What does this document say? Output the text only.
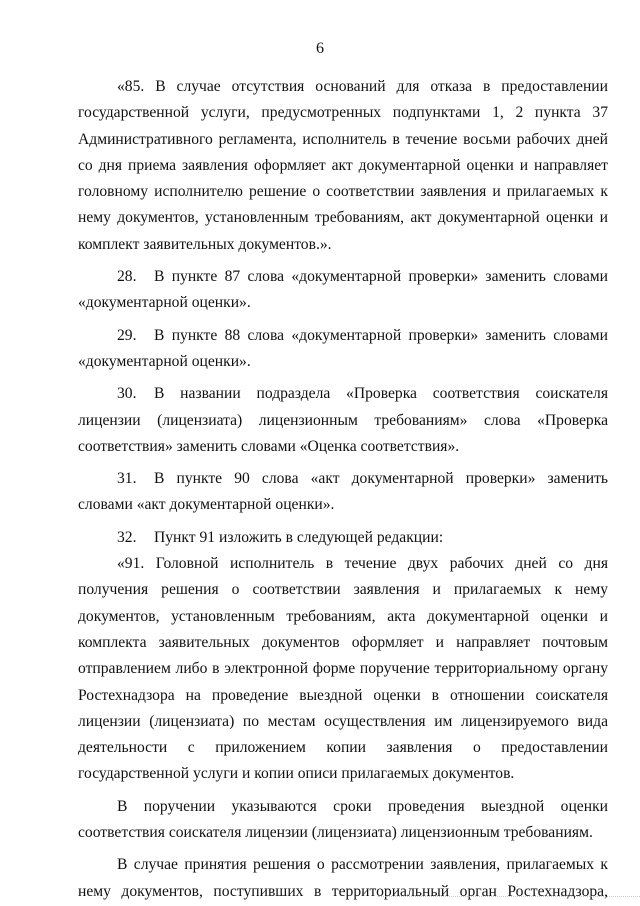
6

«85. В случае отсутствия оснований для отказа в предоставлении государственной услуги, предусмотренных подпунктами 1, 2 пункта 37 Административного регламента, исполнитель в течение восьми рабочих дней со дня приема заявления оформляет акт документарной оценки и направляет головному исполнителю решение о соответствии заявления и прилагаемых к нему документов, установленным требованиям, акт документарной оценки и комплект заявительных документов.».

28. В пункте 87 слова «документарной проверки» заменить словами «документарной оценки».

29. В пункте 88 слова «документарной проверки» заменить словами «документарной оценки».

30. В названии подраздела «Проверка соответствия соискателя лицензии (лицензиата) лицензионным требованиям» слова «Проверка соответствия» заменить словами «Оценка соответствия».

31. В пункте 90 слова «акт документарной проверки» заменить словами «акт документарной оценки».

32. Пункт 91 изложить в следующей редакции:

«91. Головной исполнитель в течение двух рабочих дней со дня получения решения о соответствии заявления и прилагаемых к нему документов, установленным требованиям, акта документарной оценки и комплекта заявительных документов оформляет и направляет почтовым отправлением либо в электронной форме поручение территориальному органу Ростехнадзора на проведение выездной оценки в отношении соискателя лицензии (лицензиата) по местам осуществления им лицензируемого вида деятельности с приложением копии заявления о предоставлении государственной услуги и копии описи прилагаемых документов.

В поручении указываются сроки проведения выездной оценки соответствия соискателя лицензии (лицензиата) лицензионным требованиям.

В случае принятия решения о рассмотрении заявления, прилагаемых к нему документов, поступивших в территориальный орган Ростехнадзора,
